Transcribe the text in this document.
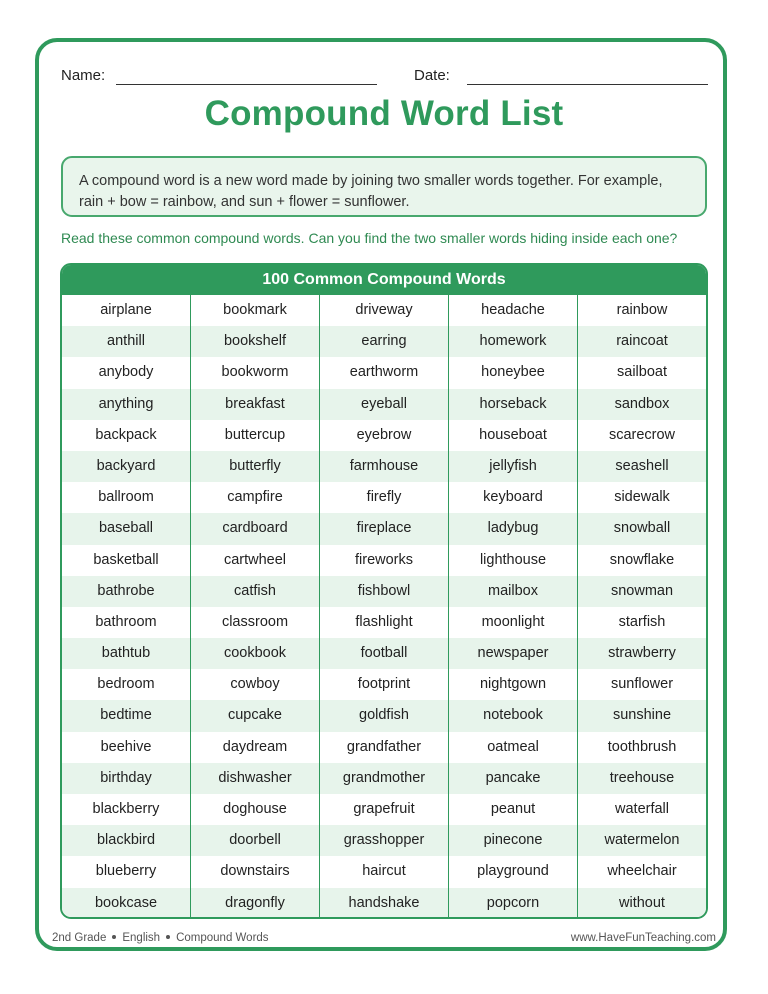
Name:	Date:
Compound Word List
A compound word is a new word made by joining two smaller words together. For example, rain + bow = rainbow, and sun + flower = sunflower.
Read these common compound words. Can you find the two smaller words hiding inside each one?
100 Common Compound Words
airplane
anthill
anybody
anything
backpack
backyard
ballroom
baseball
basketball
bathrobe
bathroom
bathtub
bedroom
bedtime
beehive
birthday
blackberry
blackbird
blueberry
bookcase
bookmark
bookshelf
bookworm
breakfast
buttercup
butterfly
campfire
cardboard
cartwheel
catfish
classroom
cookbook
cowboy
cupcake
daydream
dishwasher
doghouse
doorbell
downstairs
dragonfly
driveway
earring
earthworm
eyeball
eyebrow
farmhouse
firefly
fireplace
fireworks
fishbowl
flashlight
football
footprint
goldfish
grandfather
grandmother
grapefruit
grasshopper
haircut
handshake
headache
homework
honeybee
horseback
houseboat
jellyfish
keyboard
ladybug
lighthouse
mailbox
moonlight
newspaper
nightgown
notebook
oatmeal
pancake
peanut
pinecone
playground
popcorn
rainbow
raincoat
sailboat
sandbox
scarecrow
seashell
sidewalk
snowball
snowflake
snowman
starfish
strawberry
sunflower
sunshine
toothbrush
treehouse
waterfall
watermelon
wheelchair
without
2nd Grade English Compound Words	www.HaveFunTeaching.com
